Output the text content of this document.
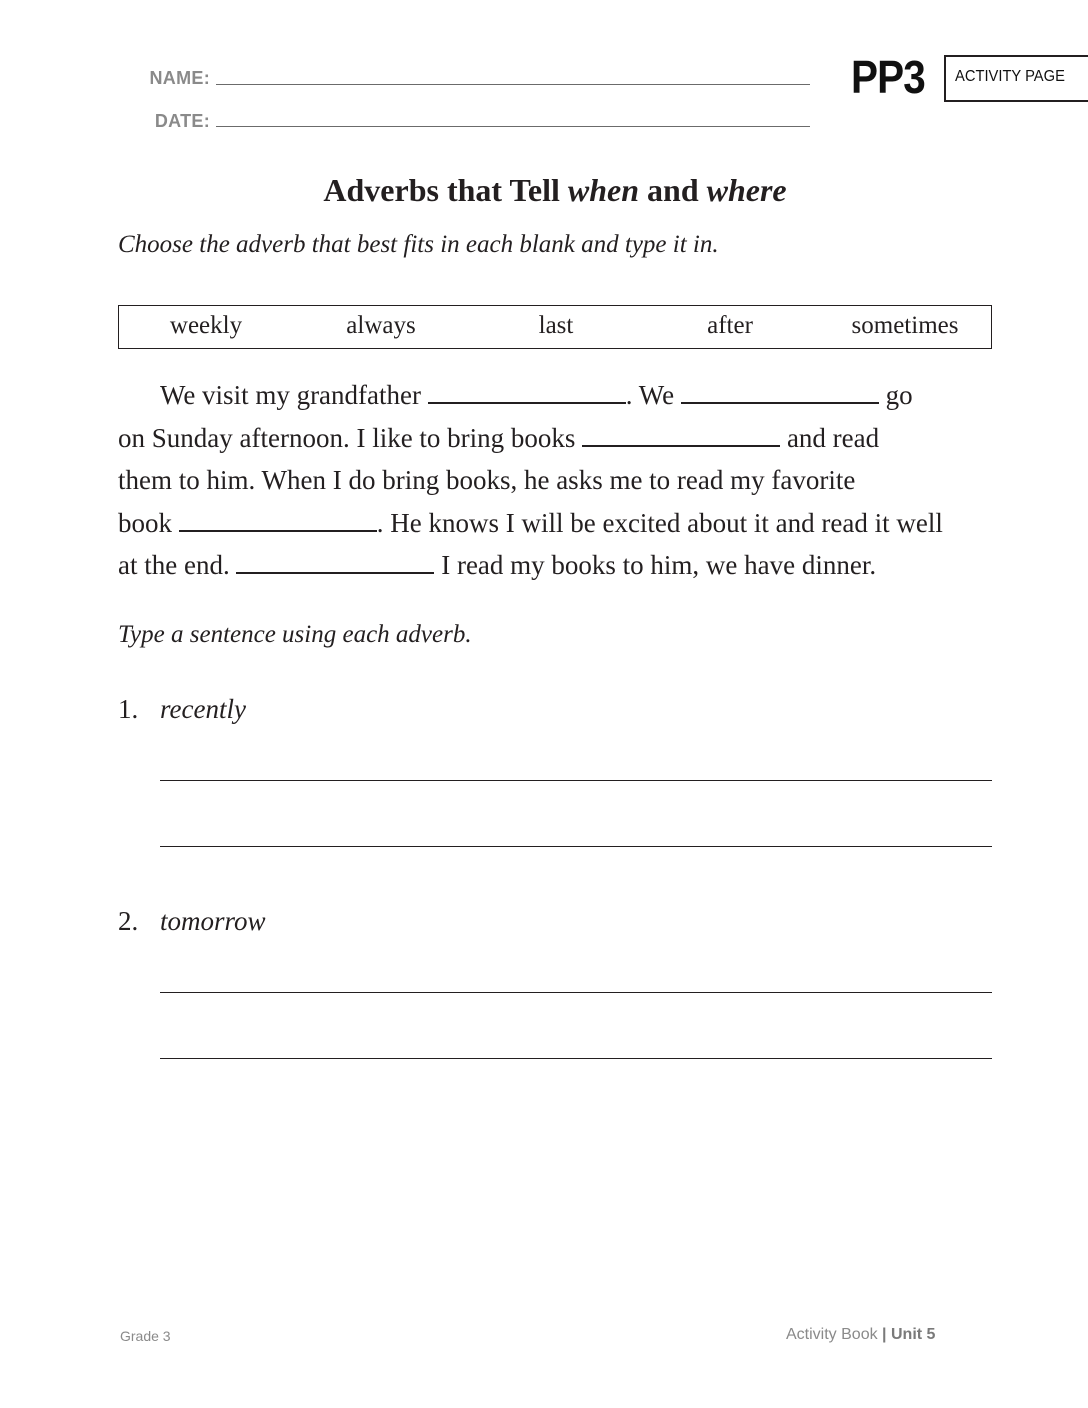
NAME:
DATE:
PP3 ACTIVITY PAGE
Adverbs that Tell when and where
Choose the adverb that best fits in each blank and type it in.
weekly	always	last	after	sometimes

We visit my grandfather	. We	go

on Sunday afternoon. I like to bring books	and read

them to him. When I do bring books, he asks me to read my favorite

book	. He knows I will be excited about it and read it well

at the end.	I read my books to him, we have dinner.

Type a sentence using each adverb.
1. recently
2. tomorrow
Grade 3	Activity Book | Unit 5
